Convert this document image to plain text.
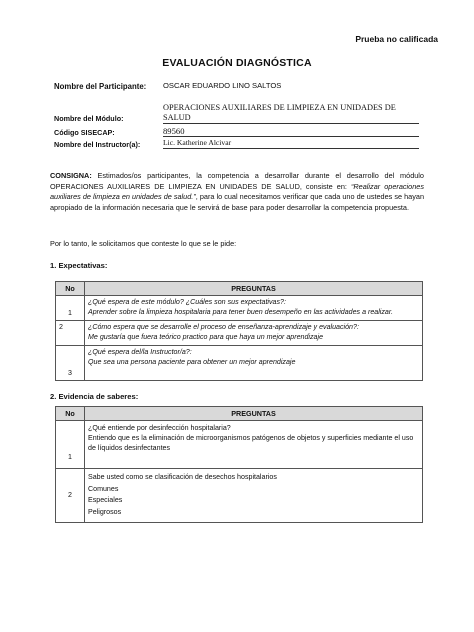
Prueba no calificada
EVALUACIÓN DIAGNÓSTICA
Nombre del Participante: OSCAR EDUARDO LINO SALTOS
Nombre del Módulo:
OPERACIONES AUXILIARES DE LIMPIEZA EN UNIDADES DE
SALUD
Código SISECAP:	89560
Nombre del Instructor(a):	Lic. Katherine Alcivar
CONSIGNA: Estimados/os participantes, la competencia a desarrollar durante el desarrollo del módulo OPERACIONES AUXILIARES DE LIMPIEZA EN UNIDADES DE SALUD, consiste en: “Realizar operaciones auxiliares de limpieza en unidades de salud.”, para lo cual necesitamos verificar que cada uno de ustedes se hayan apropiado de la información necesaria que le servirá de base para poder desarrollar la competencia propuesta.
Por lo tanto, le solicitamos que conteste lo que se le pide:
1. Expectativas:
No	PREGUNTAS
1	¿Qué espera de este módulo? ¿Cuáles son sus expectativas?:
Aprender sobre la limpieza hospitalaria para tener buen desempeño en las actividades a realizar.

2	¿Cómo espera que se desarrolle el proceso de enseñanza-aprendizaje y evaluación?:
Me gustaría que fuera teórico practico para que haya un mejor aprendizaje

3	¿Qué espera del/la Instructor/a?:
Que sea una persona paciente para obtener un mejor aprendizaje
2. Evidencia de saberes:
No	PREGUNTAS
1	¿Qué entiende por desinfección hospitalaria?
Entiendo que es la eliminación de microorganismos patógenos de objetos y superficies mediante el uso de líquidos desinfectantes

2	Sabe usted como se clasificación de desechos hospitalarios
Comunes
Especiales
Peligrosos
